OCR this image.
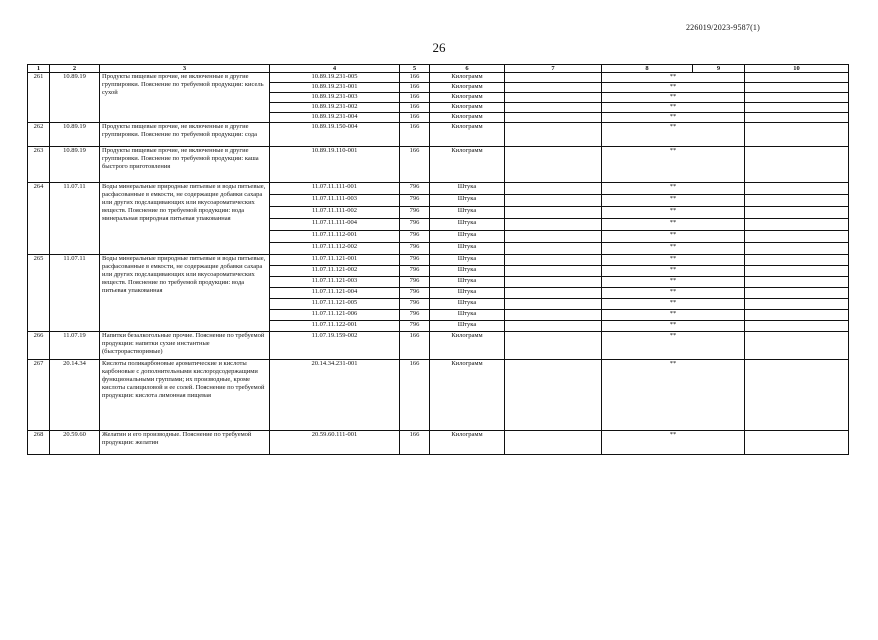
226019/2023-9587(1)
26
1	2	3	4	5	6	7	8	9	10
261	10.89.19	Продукты пищевые прочие, не включенные в другие группировки. Пояснение по требуемой продукции: кисель сухой	10.89.19.231-005	166	Килограмм		**		
			10.89.19.231-001	166	Килограмм		**		
			10.89.19.231-003	166	Килограмм		**		
			10.89.19.231-002	166	Килограмм		**		
			10.89.19.231-004	166	Килограмм		**		
262	10.89.19	Продукты пищевые прочие, не включенные в другие группировки. Пояснение по требуемой продукции: сода	10.89.19.150-004	166	Килограмм		**		
263	10.89.19	Продукты пищевые прочие, не включенные в другие группировки. Пояснение по требуемой продукции: каша быстрого приготовления	10.89.19.110-001	166	Килограмм		**		
264	11.07.11	Воды минеральные природные питьевые и воды питьевые, расфасованные в емкости, не содержащие добавки сахара или других подслащивающих или вкусоароматических веществ. Пояснение по требуемой продукции: вода минеральная природная питьевая упакованная	11.07.11.111-001	796	Штука		**		
			11.07.11.111-003	796	Штука		**		
			11.07.11.111-002	796	Штука		**		
			11.07.11.111-004	796	Штука		**		
			11.07.11.112-001	796	Штука		**		
			11.07.11.112-002	796	Штука		**		
265	11.07.11	Воды минеральные природные питьевые и воды питьевые, расфасованные в емкости, не содержащие добавки сахара или других подслащивающих или вкусоароматических веществ. Пояснение по требуемой продукции: вода питьевая упакованная	11.07.11.121-001	796	Штука		**		
			11.07.11.121-002	796	Штука		**		
			11.07.11.121-003	796	Штука		**		
			11.07.11.121-004	796	Штука		**		
			11.07.11.121-005	796	Штука		**		
			11.07.11.121-006	796	Штука		**		
			11.07.11.122-001	796	Штука		**		
266	11.07.19	Напитки безалкогольные прочие. Пояснение по требуемой продукции: напитки сухие инстантные (быстрорастворимые)	11.07.19.159-002	166	Килограмм		**		
267	20.14.34	Кислоты поликарбоновые ароматические и кислоты карбоновые с дополнительными кислородсодержащими функциональными группами; их производные, кроме кислоты салициловой и ее солей. Пояснение по требуемой продукции: кислота лимонная пищевая	20.14.34.231-001	166	Килограмм		**		
268	20.59.60	Желатин и его производные. Пояснение по требуемой продукции: желатин	20.59.60.111-001	166	Килограмм		**		
